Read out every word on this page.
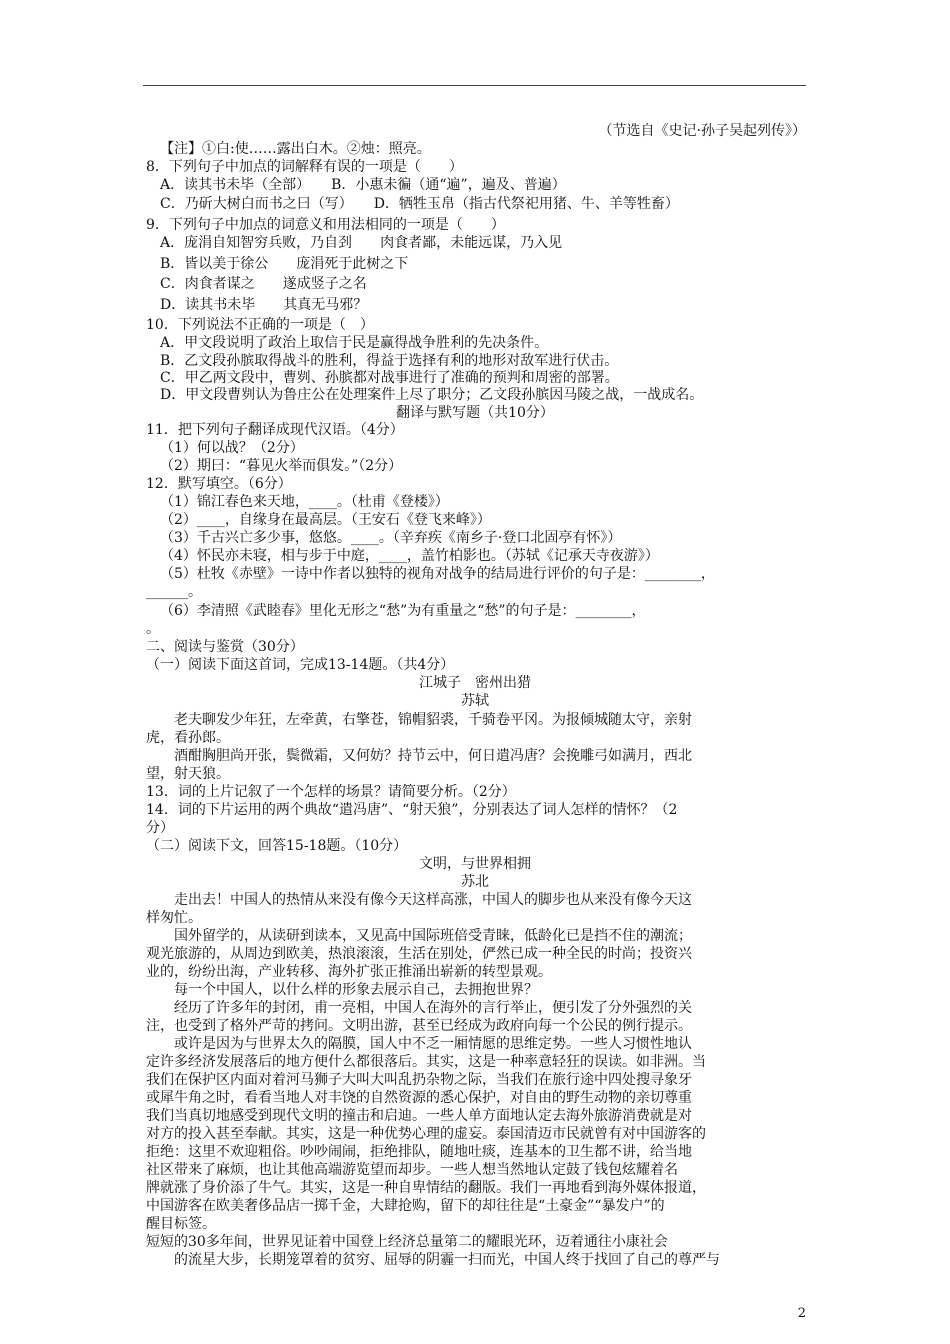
（节选自《史记·孙子吴起列传》）
【注】①白:使……露出白木。②烛：照亮。
8．下列句子中加点的词解释有误的一项是（　　）
A．读其书未毕（全部）　　B．小惠未徧（通“遍”，遍及、普遍）
C．乃斫大树白而书之曰（写）　　D．牺牲玉帛（指古代祭祀用猪、牛、羊等牲畜）
9．下列句子中加点的词意义和用法相同的一项是（　　）
A．庞涓自知智穷兵败，乃自刭　　肉食者鄙，未能远谋，乃入见
B．皆以美于徐公　　庞涓死于此树之下
C．肉食者谋之　　遂成竖子之名
D．读其书未毕　　其真无马邪？
10．下列说法不正确的一项是（　）
A．甲文段说明了政治上取信于民是赢得战争胜利的先决条件。
B．乙文段孙膑取得战斗的胜利，得益于选择有利的地形对敌军进行伏击。
C．甲乙两文段中，曹刿、孙膑都对战事进行了准确的预判和周密的部署。
D．甲文段曹刿认为鲁庄公在处理案件上尽了职分；乙文段孙膑因马陵之战，一战成名。
翻译与默写题（共10分）
11．把下列句子翻译成现代汉语。（4分）
（1）何以战？（2分）
（2）期曰：“暮见火举而俱发。”（2分）
12．默写填空。（6分）
（1）锦江春色来天地，____。（杜甫《登楼》）
（2）____，自缘身在最高层。（王安石《登飞来峰》）
（3）千古兴亡多少事，悠悠。____。（辛弃疾《南乡子·登口北固亭有怀》）
（4）怀民亦未寝，相与步于中庭，____，盖竹柏影也。（苏轼《记承天寺夜游》）
（5）杜牧《赤壁》一诗中作者以独特的视角对战争的结局进行评价的句子是：________，
______。
（6）李清照《武睦春》里化无形之“愁”为有重量之“愁”的句子是：________，
。
二、阅读与鉴赏（30分）
（一）阅读下面这首词，完成13-14题。（共4分）
江城子　密州出猎
苏轼
老夫聊发少年狂，左牵黄，右擎苍，锦帽貂裘，千骑卷平冈。为报倾城随太守，亲射
虎，看孙郎。
酒酣胸胆尚开张，鬓微霜，又何妨？持节云中，何日遣冯唐？会挽雕弓如满月，西北
望，射天狼。
13．词的上片记叙了一个怎样的场景？请简要分析。（2分）
14．词的下片运用的两个典故“遣冯唐”、“射天狼”，分别表达了词人怎样的情怀？（2
分）
（二）阅读下文，回答15-18题。（10分）
文明，与世界相拥
苏北
走出去！中国人的热情从来没有像今天这样高涨，中国人的脚步也从来没有像今天这
样匆忙。
国外留学的，从读研到读本，又见高中国际班倍受青睐，低龄化已是挡不住的潮流；
观光旅游的，从周边到欧美，热浪滚滚，生活在别处，俨然已成一种全民的时尚；投资兴
业的，纷纷出海，产业转移、海外扩张正推涌出崭新的转型景观。
每一个中国人，以什么样的形象去展示自己，去拥抱世界？
经历了许多年的封闭，甫一亮相，中国人在海外的言行举止，便引发了分外强烈的关
注，也受到了格外严苛的拷问。文明出游，甚至已经成为政府向每一个公民的例行提示。
或许是因为与世界太久的隔膜，国人中不乏一厢情愿的思维定势。一些人习惯性地认
定许多经济发展落后的地方便什么都很落后。其实，这是一种率意轻狂的误读。如非洲。当
我们在保护区内面对着河马狮子大叫大叫乱扔杂物之际，当我们在旅行途中四处搜寻象牙
或犀牛角之时，看看当地人对丰饶的自然资源的悉心保护，对自由的野生动物的亲切尊重
我们当真切地感受到现代文明的撞击和启迪。一些人单方面地认定去海外旅游消费就是对
对方的投入甚至奉献。其实，这是一种优势心理的虚妄。泰国清迈市民就曾有对中国游客的
拒绝：这里不欢迎粗俗。吵吵闹闹，拒绝排队，随地吐痰，连基本的卫生都不讲，给当地
社区带来了麻烦，也让其他高端游览望而却步。一些人想当然地认定鼓了钱包炫耀着名
牌就涨了身价添了牛气。其实，这是一种自卑情结的翻版。我们一再地看到海外媒体报道，
中国游客在欧美奢侈品店一掷千金，大肆抢购，留下的却往往是“土豪金”“暴发户”的
醒目标签。
短短的30多年间，世界见证着中国登上经济总量第二的耀眼光环，迈着通往小康社会
的流星大步，长期笼罩着的贫穷、屈辱的阴霾一扫而光，中国人终于找回了自己的尊严与
2
